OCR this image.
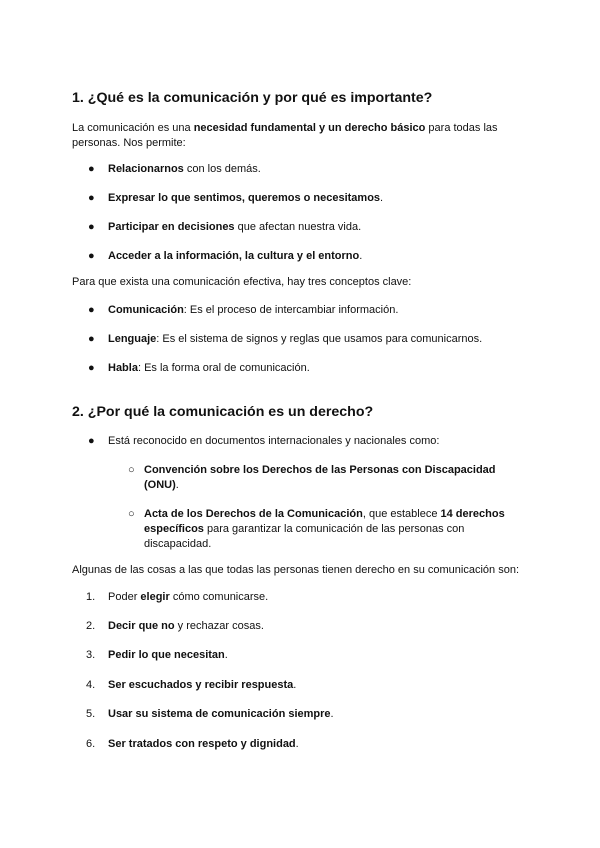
1. ¿Qué es la comunicación y por qué es importante?
La comunicación es una necesidad fundamental y un derecho básico para todas las personas. Nos permite:
● Relacionarnos con los demás.
● Expresar lo que sentimos, queremos o necesitamos.
● Participar en decisiones que afectan nuestra vida.
● Acceder a la información, la cultura y el entorno.
Para que exista una comunicación efectiva, hay tres conceptos clave:
● Comunicación: Es el proceso de intercambiar información.
● Lenguaje: Es el sistema de signos y reglas que usamos para comunicarnos.
● Habla: Es la forma oral de comunicación.
2. ¿Por qué la comunicación es un derecho?
● Está reconocido en documentos internacionales y nacionales como:
○ Convención sobre los Derechos de las Personas con Discapacidad (ONU).
○ Acta de los Derechos de la Comunicación, que establece 14 derechos específicos para garantizar la comunicación de las personas con discapacidad.
Algunas de las cosas a las que todas las personas tienen derecho en su comunicación son:
1. Poder elegir cómo comunicarse.
2. Decir que no y rechazar cosas.
3. Pedir lo que necesitan.
4. Ser escuchados y recibir respuesta.
5. Usar su sistema de comunicación siempre.
6. Ser tratados con respeto y dignidad.
